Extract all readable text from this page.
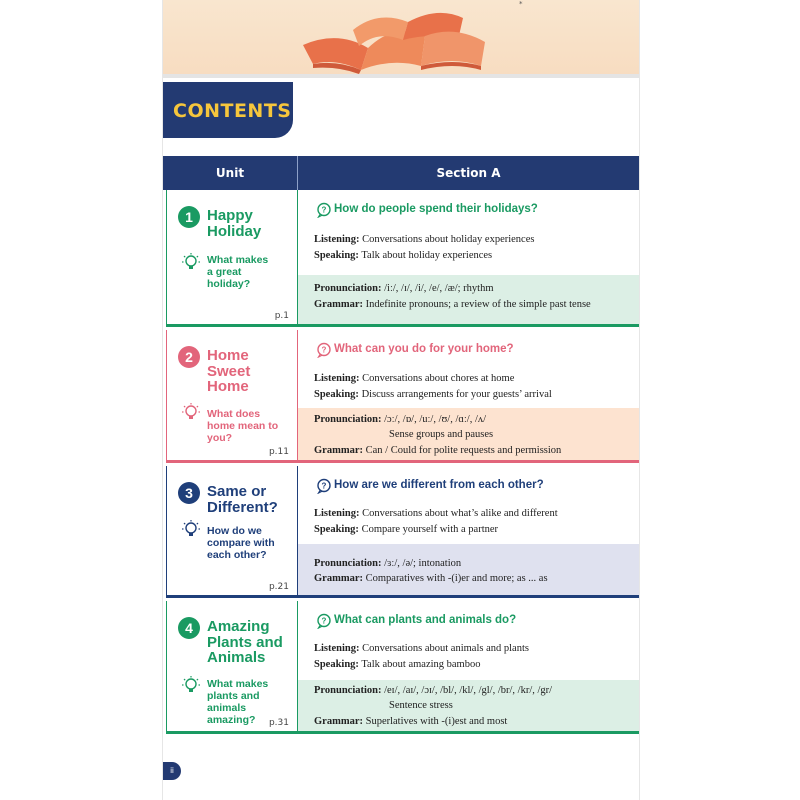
*
CONTENTS
Unit	Section A
1 Happy
Holiday
What makes
a great
holiday?
p.1
? How do people spend their holidays?
Listening: Conversations about holiday experiences
Speaking: Talk about holiday experiences
Pronunciation: /iː/, /ɪ/, /i/, /e/, /æ/; rhythm
Grammar: Indefinite pronouns; a review of the simple past tense
2 Home
Sweet
Home
What does
home mean to
you?
p.11
? What can you do for your home?
Listening: Conversations about chores at home
Speaking: Discuss arrangements for your guests’ arrival
Pronunciation: /ɔː/, /ɒ/, /uː/, /ʊ/, /ɑː/, /ʌ/
Sense groups and pauses
Grammar: Can / Could for polite requests and permission
3 Same or
Different?
How do we
compare with
each other?
p.21
? How are we different from each other?
Listening: Conversations about what’s alike and different
Speaking: Compare yourself with a partner
Pronunciation: /ɜː/, /ə/; intonation
Grammar: Comparatives with -(i)er and more; as ... as
4 Amazing
Plants and
Animals
What makes
plants and
animals
amazing?	p.31
? What can plants and animals do?
Listening: Conversations about animals and plants
Speaking: Talk about amazing bamboo
Pronunciation: /eɪ/, /aɪ/, /ɔɪ/, /bl/, /kl/, /gl/, /br/, /kr/, /gr/
Sentence stress
Grammar: Superlatives with -(i)est and most
ii
